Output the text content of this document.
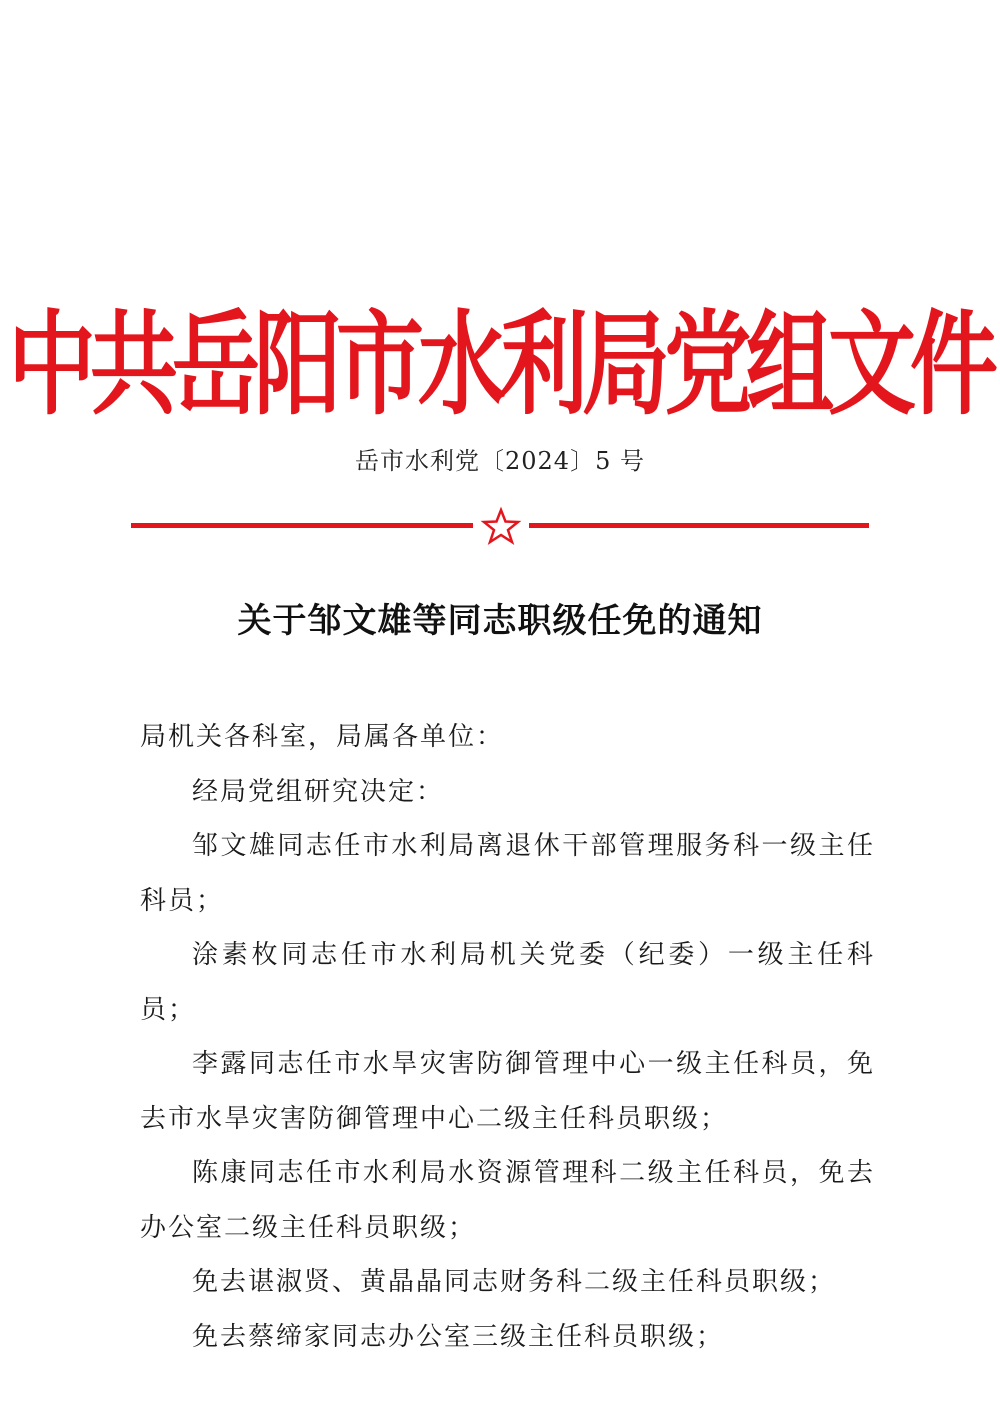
中共岳阳市水利局党组文件
岳市水利党〔2024〕5 号
关于邹文雄等同志职级任免的通知

局机关各科室，局属各单位：

经局党组研究决定：

邹文雄同志任市水利局离退休干部管理服务科一级主任科员；

涂素枚同志任市水利局机关党委（纪委）一级主任科员；

李露同志任市水旱灾害防御管理中心一级主任科员，免去市水旱灾害防御管理中心二级主任科员职级；

陈康同志任市水利局水资源管理科二级主任科员，免去办公室二级主任科员职级；

免去谌淑贤、黄晶晶同志财务科二级主任科员职级；

免去蔡缔家同志办公室三级主任科员职级；
